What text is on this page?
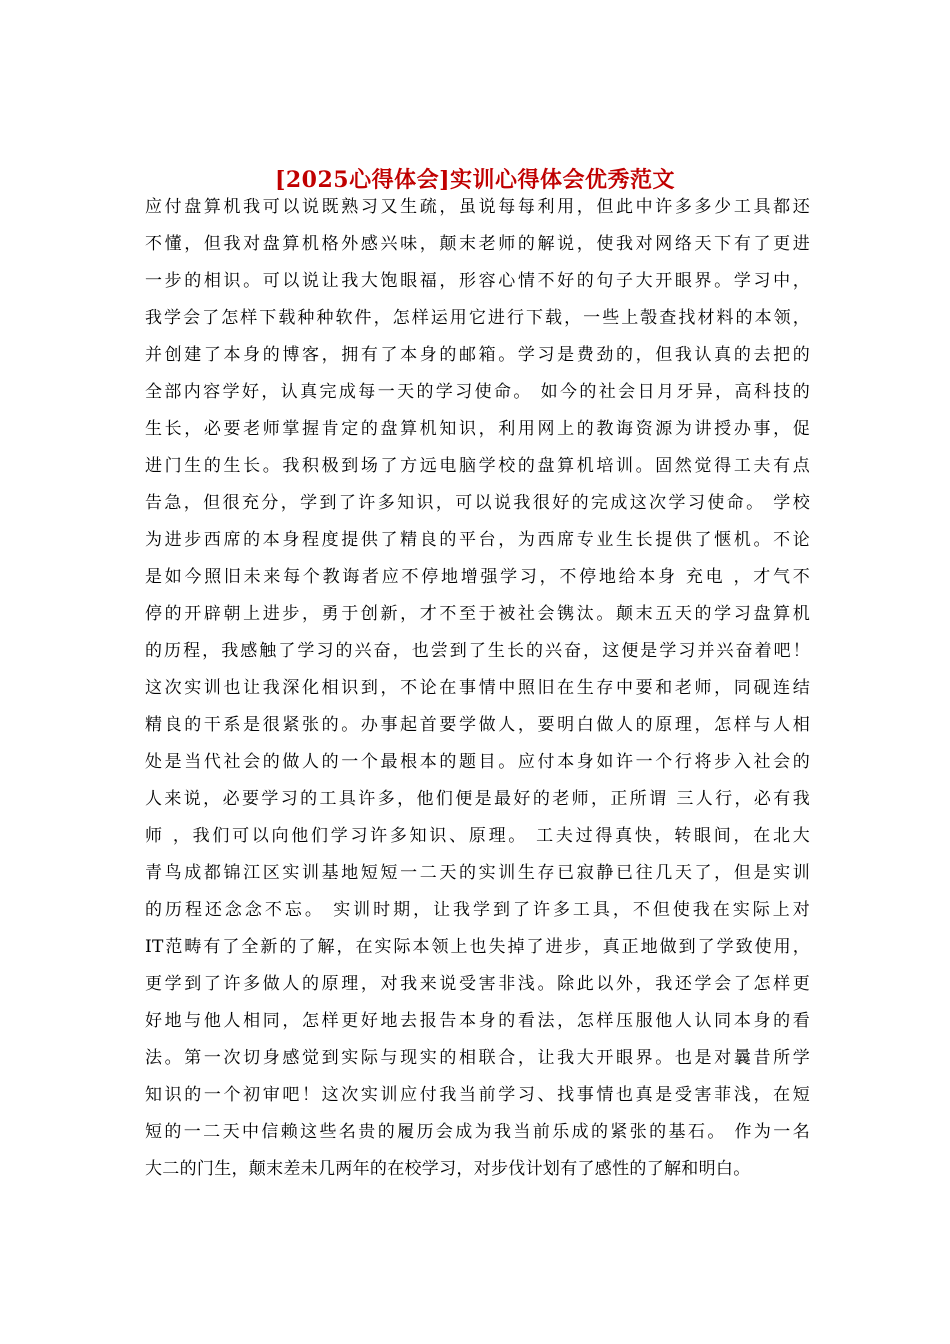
[2025心得体会]实训心得体会优秀范文
应付盘算机我可以说既熟习又生疏，虽说每每利用，但此中许多多少工具都还
不懂，但我对盘算机格外感兴味，颠末老师的解说，使我对网络天下有了更进
一步的相识。可以说让我大饱眼福，形容心情不好的句子大开眼界。学习中，
我学会了怎样下载种种软件，怎样运用它进行下载，一些上彀查找材料的本领，
并创建了本身的博客，拥有了本身的邮箱。学习是费劲的，但我认真的去把的
全部内容学好，认真完成每一天的学习使命。 如今的社会日月牙异，高科技的
生长，必要老师掌握肯定的盘算机知识，利用网上的教诲资源为讲授办事，促
进门生的生长。我积极到场了方远电脑学校的盘算机培训。固然觉得工夫有点
告急，但很充分，学到了许多知识，可以说我很好的完成这次学习使命。 学校
为进步西席的本身程度提供了精良的平台，为西席专业生长提供了惬机。不论
是如今照旧未来每个教诲者应不停地增强学习，不停地给本身 充电 ，才气不
停的开辟朝上进步，勇于创新，才不至于被社会镌汰。颠末五天的学习盘算机
的历程，我感触了学习的兴奋，也尝到了生长的兴奋，这便是学习并兴奋着吧！
这次实训也让我深化相识到，不论在事情中照旧在生存中要和老师，同砚连结
精良的干系是很紧张的。办事起首要学做人，要明白做人的原理，怎样与人相
处是当代社会的做人的一个最根本的题目。应付本身如许一个行将步入社会的
人来说，必要学习的工具许多，他们便是最好的老师，正所谓 三人行，必有我
师 ，我们可以向他们学习许多知识、原理。 工夫过得真快，转眼间，在北大
青鸟成都锦江区实训基地短短一二天的实训生存已寂静已往几天了，但是实训
的历程还念念不忘。 实训时期，让我学到了许多工具，不但使我在实际上对
IT范畴有了全新的了解，在实际本领上也失掉了进步，真正地做到了学致使用，
更学到了许多做人的原理，对我来说受害非浅。除此以外，我还学会了怎样更
好地与他人相同，怎样更好地去报告本身的看法，怎样压服他人认同本身的看
法。第一次切身感觉到实际与现实的相联合，让我大开眼界。也是对曩昔所学
知识的一个初审吧！这次实训应付我当前学习、找事情也真是受害菲浅，在短
短的一二天中信赖这些名贵的履历会成为我当前乐成的紧张的基石。 作为一名
大二的门生，颠末差未几两年的在校学习，对步伐计划有了感性的了解和明白。
